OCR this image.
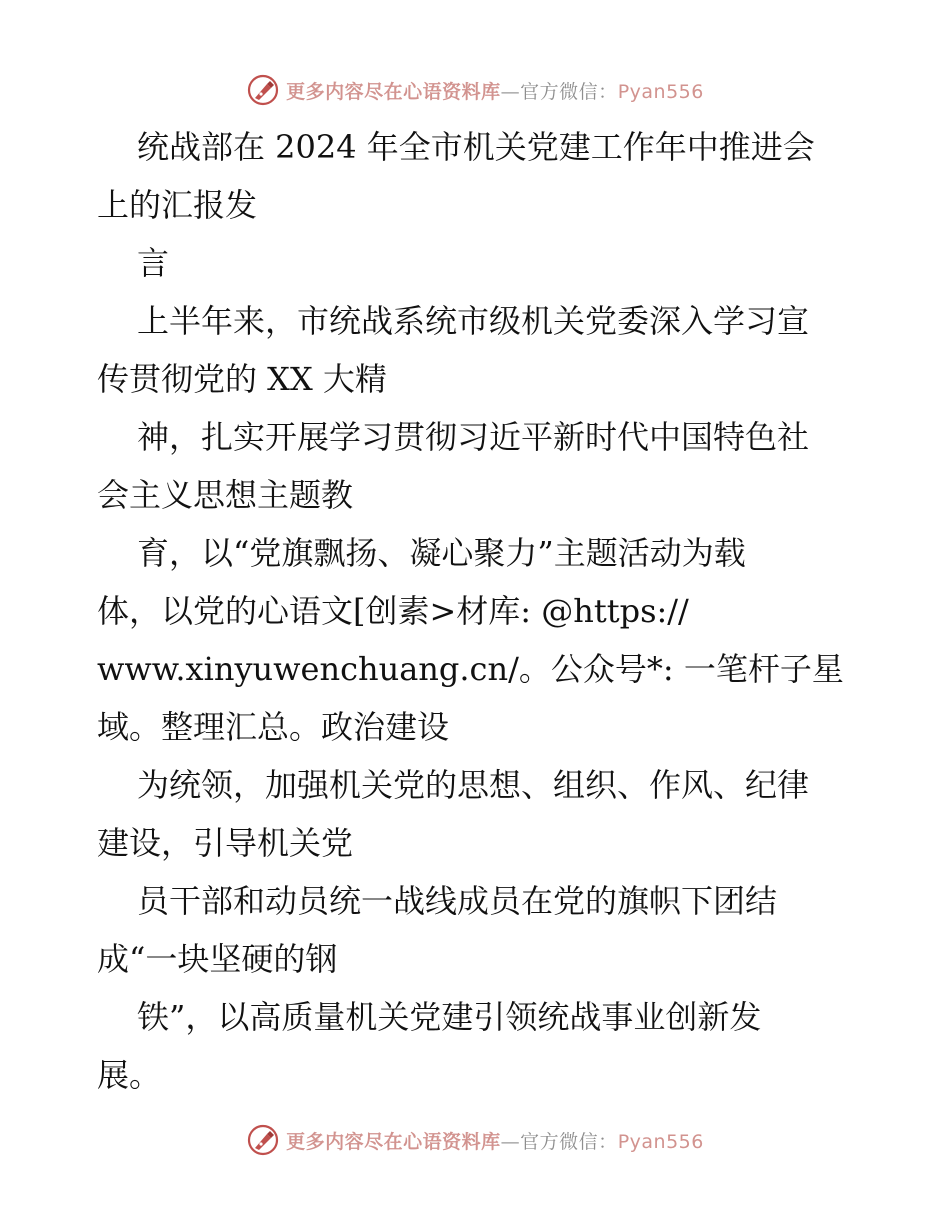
更多内容尽在心语资料库—官方微信：Pyan556
统战部在 2024 年全市机关党建工作年中推进会
上的汇报发
言
上半年来，市统战系统市级机关党委深入学习宣
传贯彻党的 XX 大精
神，扎实开展学习贯彻习近平新时代中国特色社
会主义思想主题教
育，以“党旗飘扬、凝心聚力”主题活动为载
体，以党的心语文[创素>材库: @https://
www.xinyuwenchuang.cn/。公众号*: 一笔杆子星
域。整理汇总。政治建设
为统领，加强机关党的思想、组织、作风、纪律
建设，引导机关党
员干部和动员统一战线成员在党的旗帜下团结
成“一块坚硬的钢
铁”，以高质量机关党建引领统战事业创新发
展。
更多内容尽在心语资料库—官方微信：Pyan556
